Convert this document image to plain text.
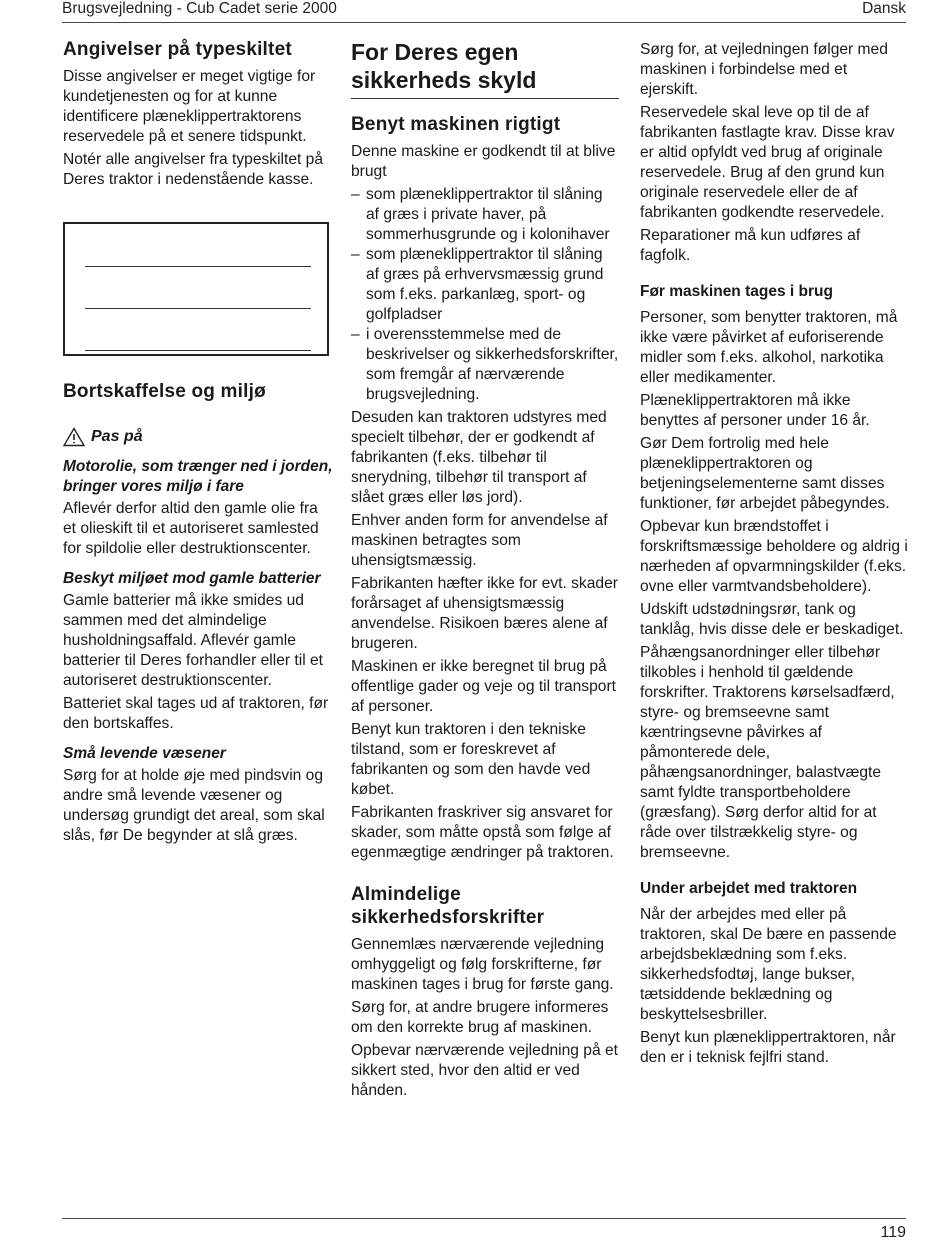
Brugsvejledning - Cub Cadet serie 2000	Dansk
Angivelser på typeskiltet

Disse angivelser er meget vigtige for kundetjenesten og for at kunne identificere plæneklippertraktorens reservedele på et senere tidspunkt.

Notér alle angivelser fra typeskiltet på Deres traktor i nedenstående kasse.

Bortskaffelse og miljø
Pas på
Motorolie, som trænger ned i jorden, bringer vores miljø i fare

Aflevér derfor altid den gamle olie fra et olieskift til et autoriseret samlested for spildolie eller destruktionscenter.

Beskyt miljøet mod gamle batterier

Gamle batterier må ikke smides ud sammen med det almindelige husholdningsaffald. Aflevér gamle batterier til Deres forhandler eller til et autoriseret destruktionscenter.

Batteriet skal tages ud af traktoren, før den bortskaffes.

Små levende væsener

Sørg for at holde øje med pindsvin og andre små levende væsener og undersøg grundigt det areal, som skal slås, før De begynder at slå græs.

For Deres egen sikkerheds skyld
Benyt maskinen rigtigt

Denne maskine er godkendt til at blive brugt

– som plæneklippertraktor til slåning af græs i private haver, på sommerhusgrunde og i kolonihaver
– som plæneklippertraktor til slåning af græs på erhvervsmæssig grund som f.eks. parkanlæg, sport- og golfpladser
– i overensstemmelse med de beskrivelser og sikkerhedsforskrifter, som fremgår af nærværende brugsvejledning.

Desuden kan traktoren udstyres med specielt tilbehør, der er godkendt af fabrikanten (f.eks. tilbehør til snerydning, tilbehør til transport af slået græs eller løs jord).

Enhver anden form for anvendelse af maskinen betragtes som uhensigtsmæssig.

Fabrikanten hæfter ikke for evt. skader forårsaget af uhensigtsmæssig anvendelse. Risikoen bæres alene af brugeren.

Maskinen er ikke beregnet til brug på offentlige gader og veje og til transport af personer.

Benyt kun traktoren i den tekniske tilstand, som er foreskrevet af fabrikanten og som den havde ved købet.

Fabrikanten fraskriver sig ansvaret for skader, som måtte opstå som følge af egenmægtige ændringer på traktoren.

Almindelige sikkerhedsforskrifter

Gennemlæs nærværende vejledning omhyggeligt og følg forskrifterne, før maskinen tages i brug for første gang.

Sørg for, at andre brugere informeres om den korrekte brug af maskinen.

Opbevar nærværende vejledning på et sikkert sted, hvor den altid er ved hånden.

Sørg for, at vejledningen følger med maskinen i forbindelse med et ejerskift.

Reservedele skal leve op til de af fabrikanten fastlagte krav. Disse krav er altid opfyldt ved brug af originale reservedele. Brug af den grund kun originale reservedele eller de af fabrikanten godkendte reservedele.

Reparationer må kun udføres af fagfolk.

Før maskinen tages i brug

Personer, som benytter traktoren, må ikke være påvirket af euforiserende midler som f.eks. alkohol, narkotika eller medikamenter.

Plæneklippertraktoren må ikke benyttes af personer under 16 år.

Gør Dem fortrolig med hele plæneklippertraktoren og betjeningselementerne samt disses funktioner, før arbejdet påbegyndes.

Opbevar kun brændstoffet i forskriftsmæssige beholdere og aldrig i nærheden af opvarmningskilder (f.eks. ovne eller varmtvandsbeholdere).

Udskift udstødningsrør, tank og tanklåg, hvis disse dele er beskadiget.

Påhængsanordninger eller tilbehør tilkobles i henhold til gældende forskrifter. Traktorens kørselsadfærd, styre- og bremseevne samt kæntringsevne påvirkes af påmonterede dele, påhængsanordninger, balastvægte samt fyldte transportbeholdere (græsfang). Sørg derfor altid for at råde over tilstrækkelig styre- og bremseevne.

Under arbejdet med traktoren

Når der arbejdes med eller på traktoren, skal De bære en passende arbejdsbeklædning som f.eks. sikkerhedsfodtøj, lange bukser, tætsiddende beklædning og beskyttelsesbriller.

Benyt kun plæneklippertraktoren, når den er i teknisk fejlfri stand.

119
